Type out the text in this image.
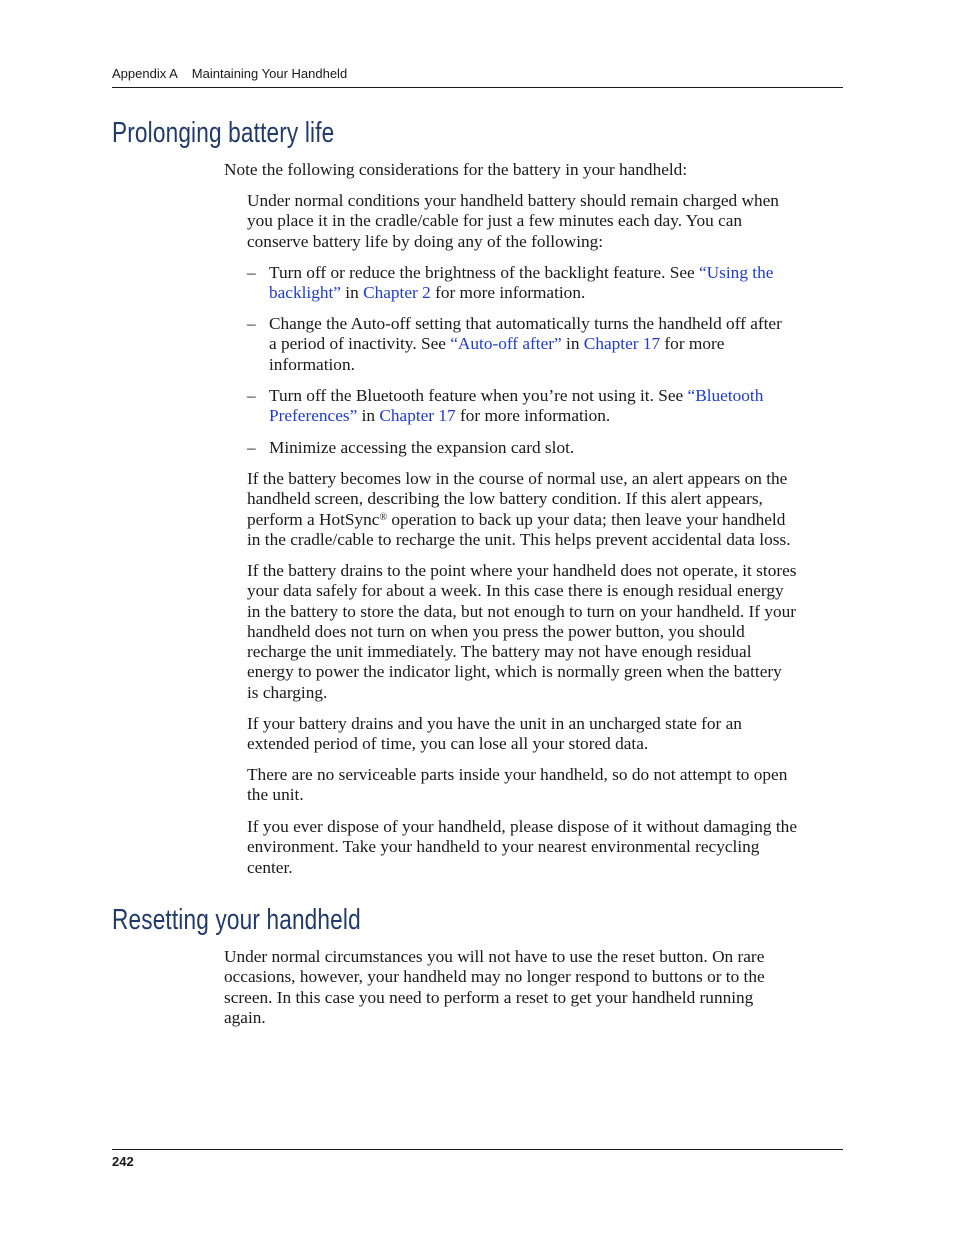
Appendix A Maintaining Your Handheld
Prolonging battery life

Note the following considerations for the battery in your handheld:

Under normal conditions your handheld battery should remain charged when
you place it in the cradle/cable for just a few minutes each day. You can
conserve battery life by doing any of the following:

– Turn off or reduce the brightness of the backlight feature. See “Using the
backlight” in Chapter 2 for more information.

– Change the Auto-off setting that automatically turns the handheld off after
a period of inactivity. See “Auto-off after” in Chapter 17 for more
information.

– Turn off the Bluetooth feature when you’re not using it. See “Bluetooth
Preferences” in Chapter 17 for more information.

– Minimize accessing the expansion card slot.

If the battery becomes low in the course of normal use, an alert appears on the
handheld screen, describing the low battery condition. If this alert appears,
perform a HotSync® operation to back up your data; then leave your handheld
in the cradle/cable to recharge the unit. This helps prevent accidental data loss.

If the battery drains to the point where your handheld does not operate, it stores
your data safely for about a week. In this case there is enough residual energy
in the battery to store the data, but not enough to turn on your handheld. If your
handheld does not turn on when you press the power button, you should
recharge the unit immediately. The battery may not have enough residual
energy to power the indicator light, which is normally green when the battery
is charging.

If your battery drains and you have the unit in an uncharged state for an
extended period of time, you can lose all your stored data.

There are no serviceable parts inside your handheld, so do not attempt to open
the unit.

If you ever dispose of your handheld, please dispose of it without damaging the
environment. Take your handheld to your nearest environmental recycling
center.

Resetting your handheld

Under normal circumstances you will not have to use the reset button. On rare
occasions, however, your handheld may no longer respond to buttons or to the
screen. In this case you need to perform a reset to get your handheld running
again.

242
